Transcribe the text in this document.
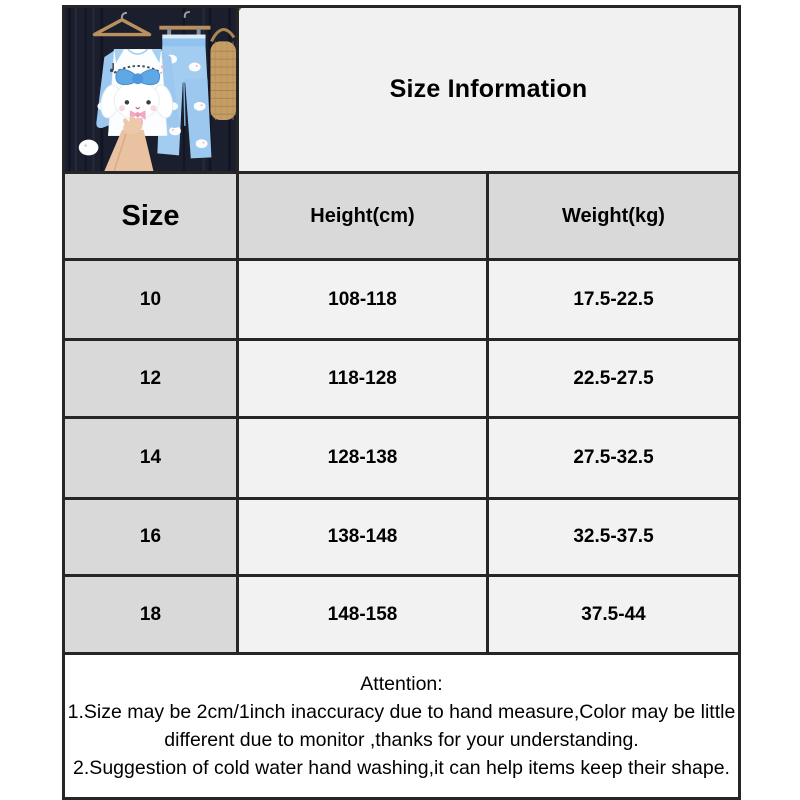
Size Information	
Size	Height(cm)	Weight(kg)
10	108-118	17.5-22.5
12	118-128	22.5-27.5
14	128-138	27.5-32.5
16	138-148	32.5-37.5
18	148-158	37.5-44

Attention:

1.Size may be 2cm/1inch inaccuracy due to hand measure,Color may be little different due to monitor ,thanks for your understanding.

2.Suggestion of cold water hand washing,it can help items keep their shape.		
